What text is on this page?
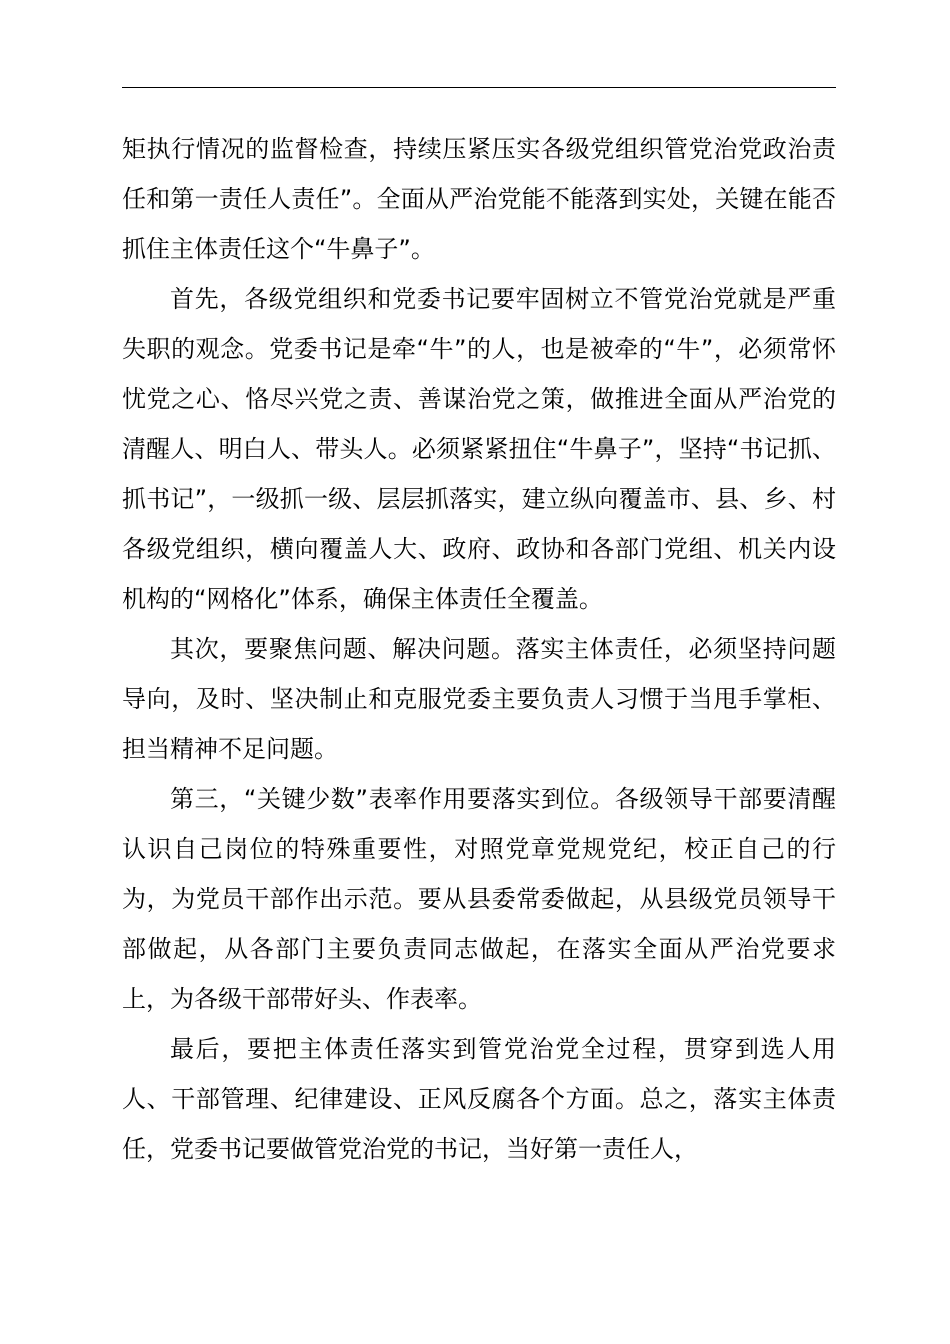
矩执行情况的监督检查，持续压紧压实各级党组织管党治党政治责任和第一责任人责任”。全面从严治党能不能落到实处，关键在能否抓住主体责任这个“牛鼻子”。

首先，各级党组织和党委书记要牢固树立不管党治党就是严重失职的观念。党委书记是牵“牛”的人，也是被牵的“牛”，必须常怀忧党之心、恪尽兴党之责、善谋治党之策，做推进全面从严治党的清醒人、明白人、带头人。必须紧紧扭住“牛鼻子”，坚持“书记抓、抓书记”，一级抓一级、层层抓落实，建立纵向覆盖市、县、乡、村各级党组织，横向覆盖人大、政府、政协和各部门党组、机关内设机构的“网格化”体系，确保主体责任全覆盖。

其次，要聚焦问题、解决问题。落实主体责任，必须坚持问题导向，及时、坚决制止和克服党委主要负责人习惯于当甩手掌柜、担当精神不足问题。

第三，“关键少数”表率作用要落实到位。各级领导干部要清醒认识自己岗位的特殊重要性，对照党章党规党纪，校正自己的行为，为党员干部作出示范。要从县委常委做起，从县级党员领导干部做起，从各部门主要负责同志做起，在落实全面从严治党要求上，为各级干部带好头、作表率。

最后，要把主体责任落实到管党治党全过程，贯穿到选人用人、干部管理、纪律建设、正风反腐各个方面。总之，落实主体责任，党委书记要做管党治党的书记，当好第一责任人，
